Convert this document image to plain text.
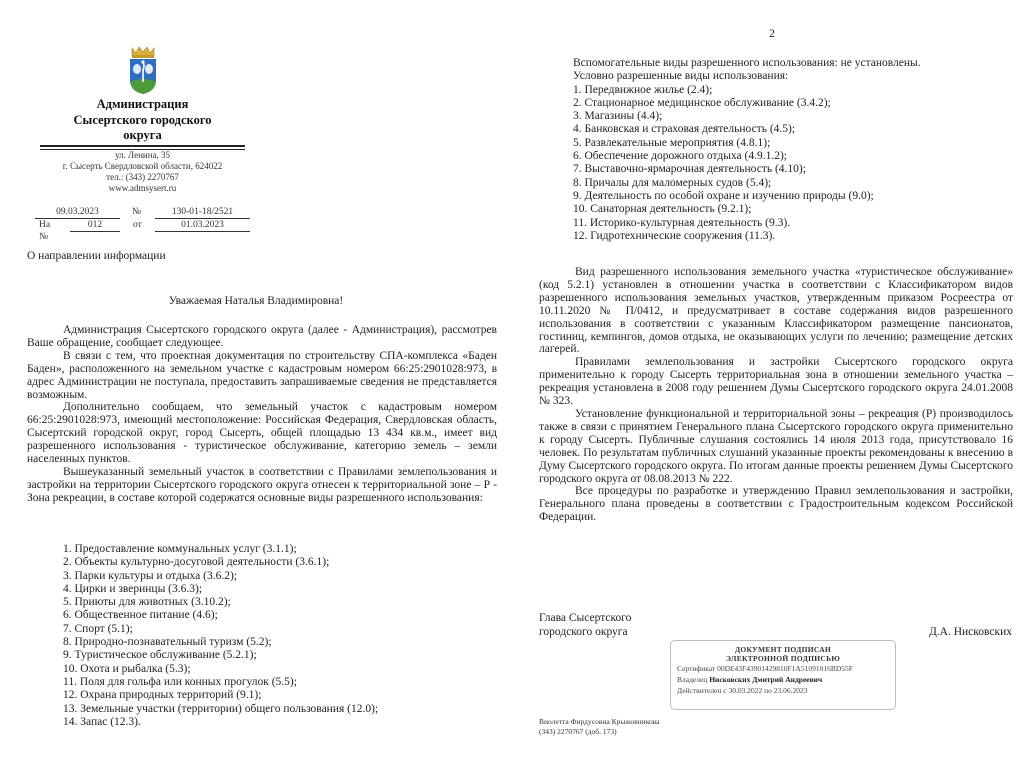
Администрация
Сысертского городского
округа
ул. Ленина, 35
г. Сысерть Свердловской области, 624022
тел.: (343) 2270767
www.admsysert.ru
09.03.2023	№	130-01-18/2521
На №
012	от	01.03.2023
О направлении информации
Уважаемая Наталья Владимировна!

Администрация Сысертского городского округа (далее - Администрация), рассмотрев Ваше обращение, сообщает следующее.

В связи с тем, что проектная документация по строительству СПА-комплекса «Баден Баден», расположенного на земельном участке с кадастровым номером 66:25:2901028:973, в адрес Администрации не поступала, предоставить запрашиваемые сведения не представляется возможным.

Дополнительно сообщаем, что земельный участок с кадастровым номером 66:25:2901028:973, имеющий местоположение: Российская Федерация, Свердловская область, Сысертский городской округ, город Сысерть, общей площадью 13 434 кв.м., имеет вид разрешенного использования - туристическое обслуживание, категорию земель – земли населенных пунктов.

Вышеуказанный земельный участок в соответствии с Правилами землепользования и застройки на территории Сысертского городского округа отнесен к территориальной зоне – Р - Зона рекреации, в составе которой содержатся основные виды разрешенного использования:

1. Предоставление коммунальных услуг (3.1.1);
2. Объекты культурно-досуговой деятельности (3.6.1);
3. Парки культуры и отдыха (3.6.2);
4. Цирки и зверинцы (3.6.3);
5. Приюты для животных (3.10.2);
6. Общественное питание (4.6);
7. Спорт (5.1);
8. Природно-познавательный туризм (5.2);
9. Туристическое обслуживание (5.2.1);
10. Охота и рыбалка (5.3);
11. Поля для гольфа или конных прогулок (5.5);
12. Охрана природных территорий (9.1);
13. Земельные участки (территории) общего пользования (12.0);
14. Запас (12.3).
2
Вспомогательные виды разрешенного использования: не установлены.
Условно разрешенные виды использования:
1. Передвижное жилье (2.4);
2. Стационарное медицинское обслуживание (3.4.2);
3. Магазины (4.4);
4. Банковская и страховая деятельность (4.5);
5. Развлекательные мероприятия (4.8.1);
6. Обеспечение дорожного отдыха (4.9.1.2);
7. Выставочно-ярмарочная деятельность (4.10);
8. Причалы для маломерных судов (5.4);
9. Деятельность по особой охране и изучению природы (9.0);
10. Санаторная деятельность (9.2.1);
11. Историко-культурная деятельность (9.3).
12. Гидротехнические сооружения (11.3).

Вид разрешенного использования земельного участка «туристическое обслуживание» (код 5.2.1) установлен в отношении участка в соответствии с Классификатором видов разрешенного использования земельных участков, утвержденным приказом Росреестра от 10.11.2020 № П/0412, и предусматривает в составе содержания видов разрешенного использования в соответствии с указанным Классификатором размещение пансионатов, гостиниц, кемпингов, домов отдыха, не оказывающих услуги по лечению; размещение детских лагерей.

Правилами землепользования и застройки Сысертского городского округа применительно к городу Сысерть территориальная зона в отношении земельного участка – рекреация установлена в 2008 году решением Думы Сысертского городского округа 24.01.2008 № 323.

Установление функциональной и территориальной зоны – рекреация (Р) производилось также в связи с принятием Генерального плана Сысертского городского округа применительно к городу Сысерть. Публичные слушания состоялись 14 июля 2013 года, присутствовало 16 человек. По результатам публичных слушаний указанные проекты рекомендованы к внесению в Думу Сысертского городского округа. По итогам данные проекты решением Думы Сысертского городского округа от 08.08.2013 № 222.

Все процедуры по разработке и утверждению Правил землепользования и застройки, Генерального плана проведены в соответствии с Градостроительным кодексом Российской Федерации.

Глава Сысертского
городского округа	Д.А. Нисковских
ДОКУМЕНТ ПОДПИСАН
ЭЛЕКТРОННОЙ ПОДПИСЬЮ
Сертификат 00DE43F43901429810F1A51091016BD55F
Владелец Нисковских Дмитрий Андреевич
Действителен с 30.03.2022 по 23.06.2023
Виолетта Фирдусовна Крыжовникова
(343) 2270767 (доб. 173)
